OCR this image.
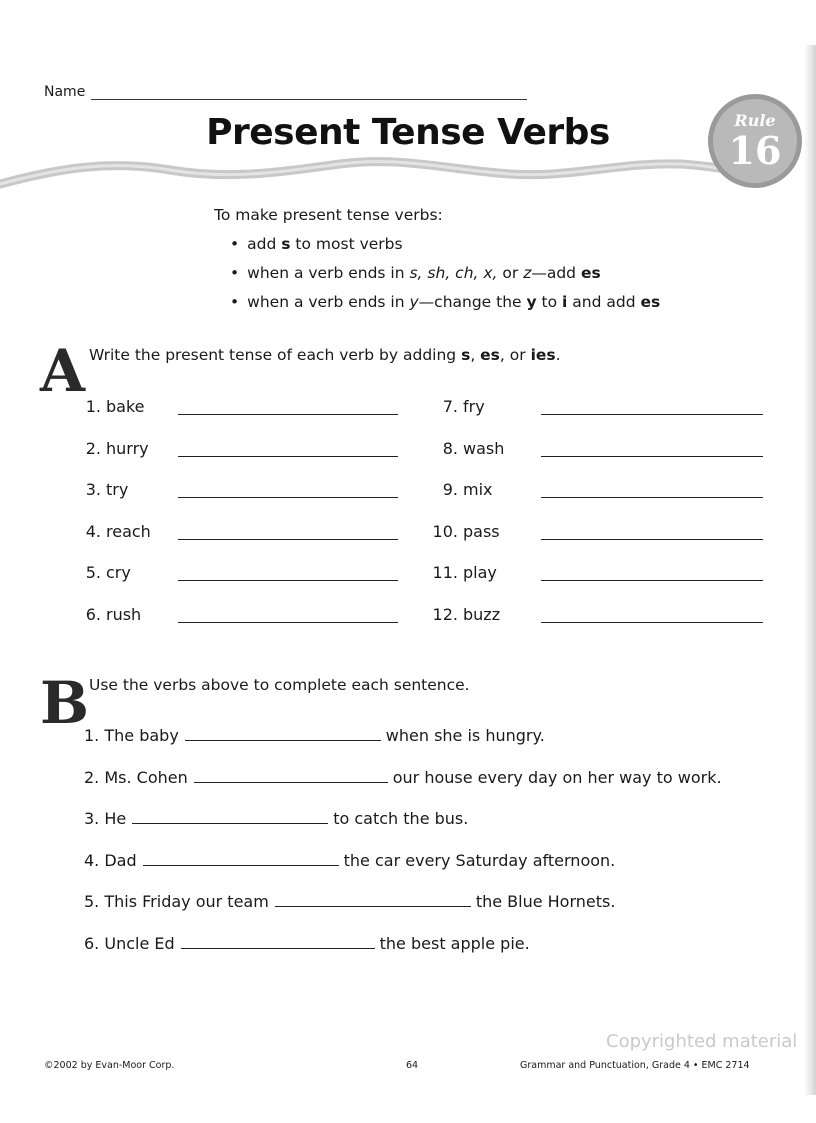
Name
Present Tense Verbs	Rule
16
To make present tense verbs:
• add s to most verbs
• when a verb ends in s, sh, ch, x, or z—add es
• when a verb ends in y—change the y to i and add es
A Write the present tense of each verb by adding s, es, or ies.
1. bake
2. hurry
3. try
4. reach
5. cry
6. rush
7. fry
8. wash
9. mix
10. pass
11. play
12. buzz
B Use the verbs above to complete each sentence.
1. The baby	when she is hungry.
2. Ms. Cohen	our house every day on her way to work.
3. He	to catch the bus.
4. Dad	the car every Saturday afternoon.
5. This Friday our team	the Blue Hornets.
6. Uncle Ed	the best apple pie.
Copyrighted material
©2002 by Evan-Moor Corp.	64	Grammar and Punctuation, Grade 4 • EMC 2714
